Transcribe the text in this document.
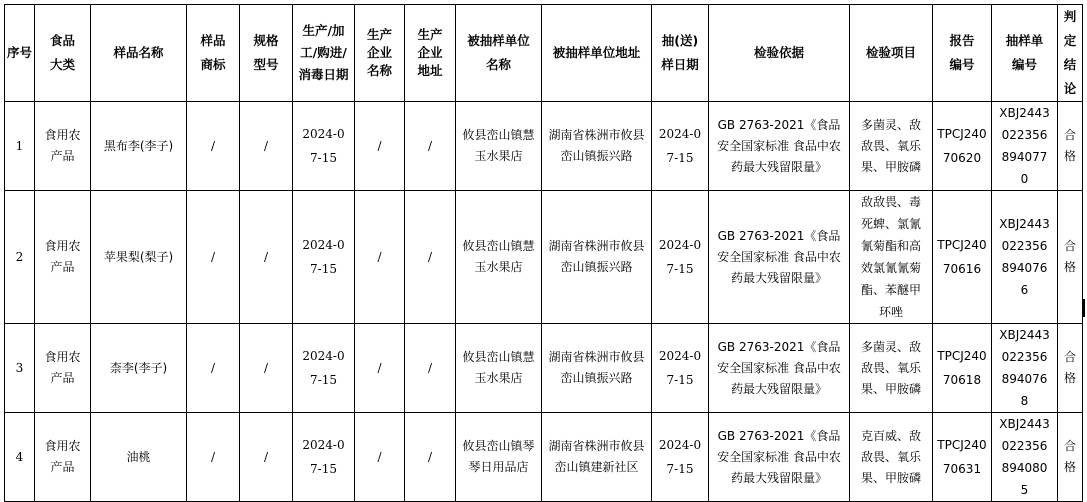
序号	食品大类	样品名称	样品商标	规格型号	生产/加工/购进/消毒日期	生产企业名称	生产企业地址	被抽样单位名称	被抽样单位地址	抽(送)样日期	检验依据	检验项目	报告编号	抽样单编号	判定结论
1	食用农产品	黑布李(李子)	/	/	2024-07-15	/	/	攸县峦山镇慧玉水果店	湖南省株洲市攸县峦山镇振兴路	2024-07-15	GB 2763-2021《食品安全国家标准 食品中农药最大残留限量》	多菌灵、敌敌畏、氧乐果、甲胺磷	TPCJ24070620	XBJ24430223568940770	合格
2	食用农产品	苹果梨(梨子)	/	/	2024-07-15	/	/	攸县峦山镇慧玉水果店	湖南省株洲市攸县峦山镇振兴路	2024-07-15	GB 2763-2021《食品安全国家标准 食品中农药最大残留限量》	敌敌畏、毒死蜱、氯氰氰菊酯和高效氯氰氰菊酯、苯醚甲环唑	TPCJ24070616	XBJ24430223568940766	合格
3	食用农产品	柰李(李子)	/	/	2024-07-15	/	/	攸县峦山镇慧玉水果店	湖南省株洲市攸县峦山镇振兴路	2024-07-15	GB 2763-2021《食品安全国家标准 食品中农药最大残留限量》	多菌灵、敌敌畏、氧乐果、甲胺磷	TPCJ24070618	XBJ24430223568940768	合格
4	食用农产品	油桃	/	/	2024-07-15	/	/	攸县峦山镇琴琴日用品店	湖南省株洲市攸县峦山镇建新社区	2024-07-15	GB 2763-2021《食品安全国家标准 食品中农药最大残留限量》	克百威、敌敌畏、氧乐果、甲胺磷	TPCJ24070631	XBJ24430223568940805	合格
